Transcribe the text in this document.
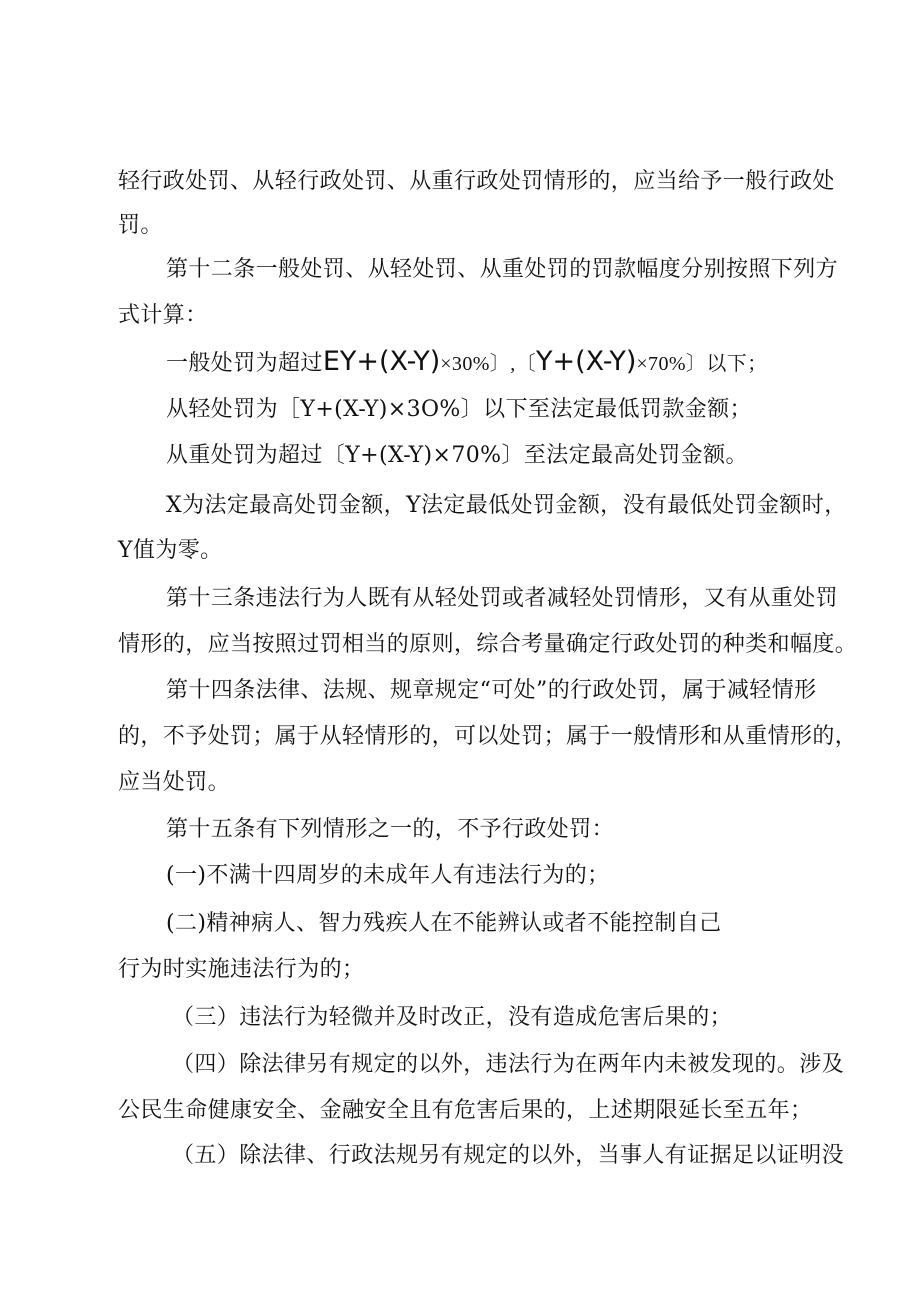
轻行政处罚、从轻行政处罚、从重行政处罚情形的，应当给予一般行政处
罚。
第十二条一般处罚、从轻处罚、从重处罚的罚款幅度分别按照下列方
式计算：
一般处罚为超过EY+(X-Y)×30%〕,〔Y+(X-Y)×70%〕以下；
从轻处罚为［Y+(X-Y)×3O%〕以下至法定最低罚款金额；
从重处罚为超过〔Y+(X-Y)×70%〕至法定最高处罚金额。
X为法定最高处罚金额，Y法定最低处罚金额，没有最低处罚金额时，
Y值为零。
第十三条违法行为人既有从轻处罚或者减轻处罚情形，又有从重处罚
情形的，应当按照过罚相当的原则，综合考量确定行政处罚的种类和幅度。
第十四条法律、法规、规章规定“可处”的行政处罚，属于减轻情形
的，不予处罚；属于从轻情形的，可以处罚；属于一般情形和从重情形的，
应当处罚。
第十五条有下列情形之一的，不予行政处罚：
(一)不满十四周岁的未成年人有违法行为的；
(二)精神病人、智力残疾人在不能辨认或者不能控制自己
行为时实施违法行为的；
（三）违法行为轻微并及时改正，没有造成危害后果的；
（四）除法律另有规定的以外，违法行为在两年内未被发现的。涉及
公民生命健康安全、金融安全且有危害后果的，上述期限延长至五年；
（五）除法律、行政法规另有规定的以外，当事人有证据足以证明没
